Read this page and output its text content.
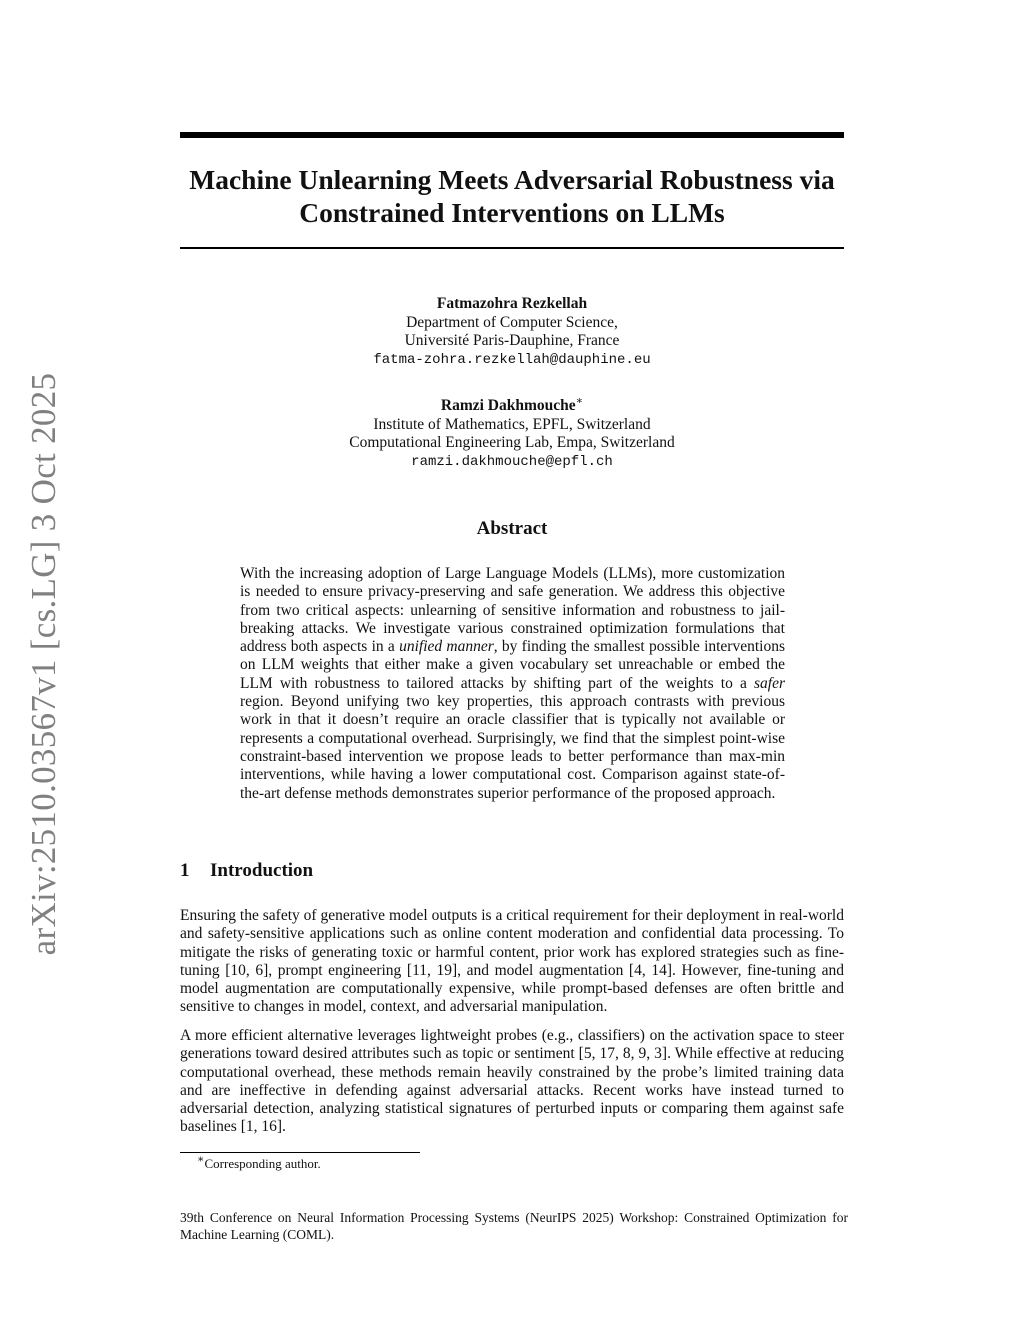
arXiv:2510.03567v1 [cs.LG] 3 Oct 2025
Machine Unlearning Meets Adversarial Robustness via
Constrained Interventions on LLMs
Fatmazohra Rezkellah
Department of Computer Science,
Université Paris-Dauphine, France
fatma-zohra.rezkellah@dauphine.eu
Ramzi Dakhmouche∗
Institute of Mathematics, EPFL, Switzerland
Computational Engineering Lab, Empa, Switzerland
ramzi.dakhmouche@epfl.ch
Abstract
With the increasing adoption of Large Language Models (LLMs), more customization is needed to ensure privacy-preserving and safe generation. We address this objective from two critical aspects: unlearning of sensitive information and robustness to jail-breaking attacks. We investigate various constrained optimization formulations that address both aspects in a unified manner, by finding the smallest possible interventions on LLM weights that either make a given vocabulary set unreachable or embed the LLM with robustness to tailored attacks by shifting part of the weights to a safer region. Beyond unifying two key properties, this approach contrasts with previous work in that it doesn’t require an oracle classifier that is typically not available or represents a computational overhead. Surprisingly, we find that the simplest point-wise constraint-based intervention we propose leads to better performance than max-min interventions, while having a lower computational cost. Comparison against state-of-the-art defense methods demonstrates superior performance of the proposed approach.
1 Introduction
Ensuring the safety of generative model outputs is a critical requirement for their deployment in real-world and safety-sensitive applications such as online content moderation and confidential data processing. To mitigate the risks of generating toxic or harmful content, prior work has explored strategies such as fine-tuning [10, 6], prompt engineering [11, 19], and model augmentation [4, 14]. However, fine-tuning and model augmentation are computationally expensive, while prompt-based defenses are often brittle and sensitive to changes in model, context, and adversarial manipulation.
A more efficient alternative leverages lightweight probes (e.g., classifiers) on the activation space to steer generations toward desired attributes such as topic or sentiment [5, 17, 8, 9, 3]. While effective at reducing computational overhead, these methods remain heavily constrained by the probe’s limited training data and are ineffective in defending against adversarial attacks. Recent works have instead turned to adversarial detection, analyzing statistical signatures of perturbed inputs or comparing them against safe baselines [1, 16].
∗Corresponding author.
39th Conference on Neural Information Processing Systems (NeurIPS 2025) Workshop: Constrained Optimization for Machine Learning (COML).
